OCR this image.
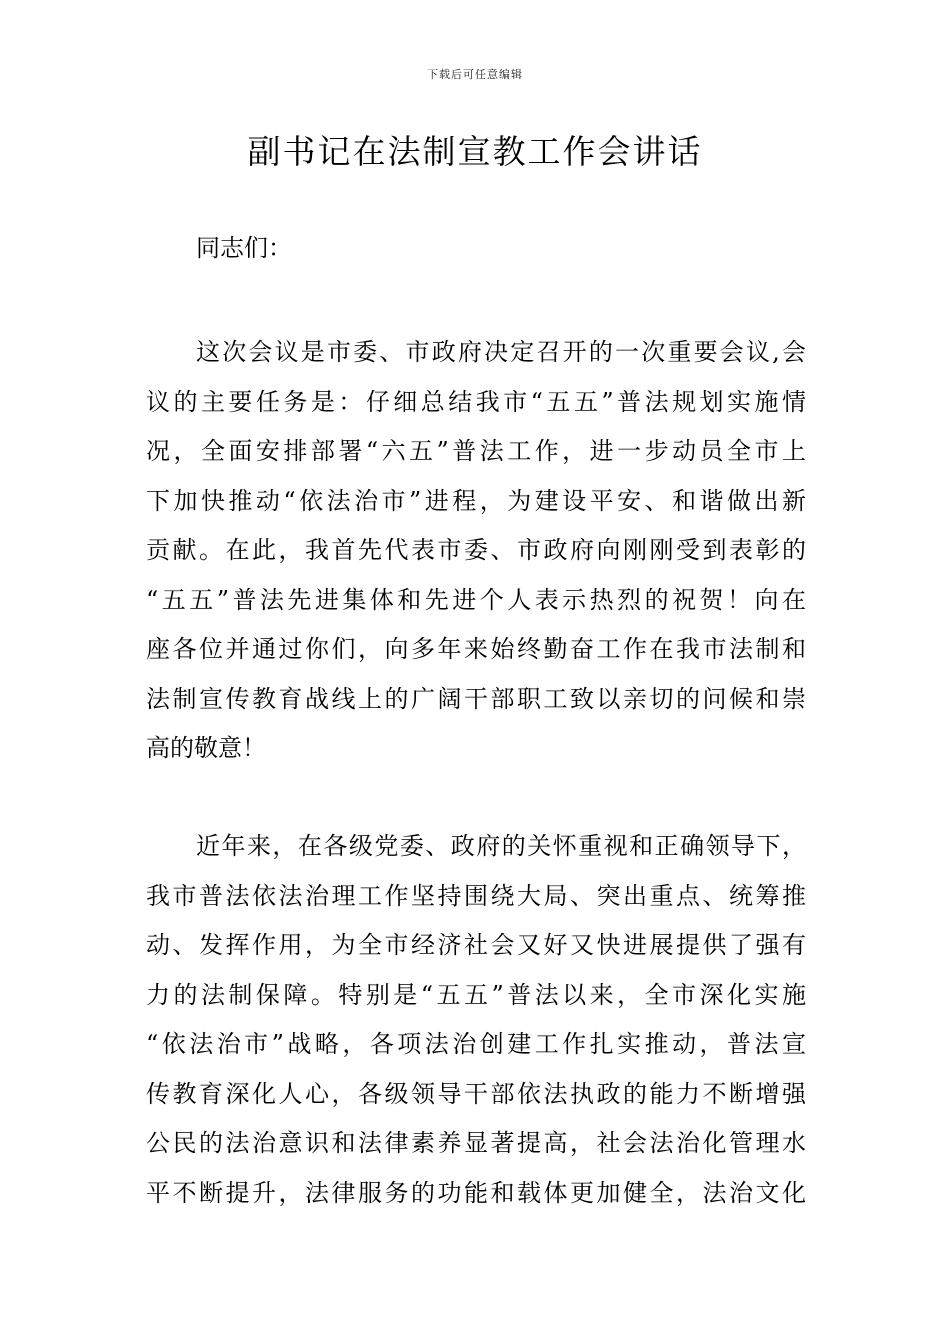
下载后可任意编辑
副书记在法制宣教工作会讲话
同志们：
这次会议是市委、市政府决定召开的一次重要会议,会
议的主要任务是：仔细总结我市“五五”普法规划实施情
况，全面安排部署“六五”普法工作，进一步动员全市上
下加快推动“依法治市”进程，为建设平安、和谐做出新
贡献。在此，我首先代表市委、市政府向刚刚受到表彰的
“五五”普法先进集体和先进个人表示热烈的祝贺！向在
座各位并通过你们，向多年来始终勤奋工作在我市法制和
法制宣传教育战线上的广阔干部职工致以亲切的问候和崇
高的敬意！
近年来，在各级党委、政府的关怀重视和正确领导下，
我市普法依法治理工作坚持围绕大局、突出重点、统筹推
动、发挥作用，为全市经济社会又好又快进展提供了强有
力的法制保障。特别是“五五”普法以来，全市深化实施
“依法治市”战略，各项法治创建工作扎实推动，普法宣
传教育深化人心，各级领导干部依法执政的能力不断增强
公民的法治意识和法律素养显著提高，社会法治化管理水
平不断提升，法律服务的功能和载体更加健全，法治文化
